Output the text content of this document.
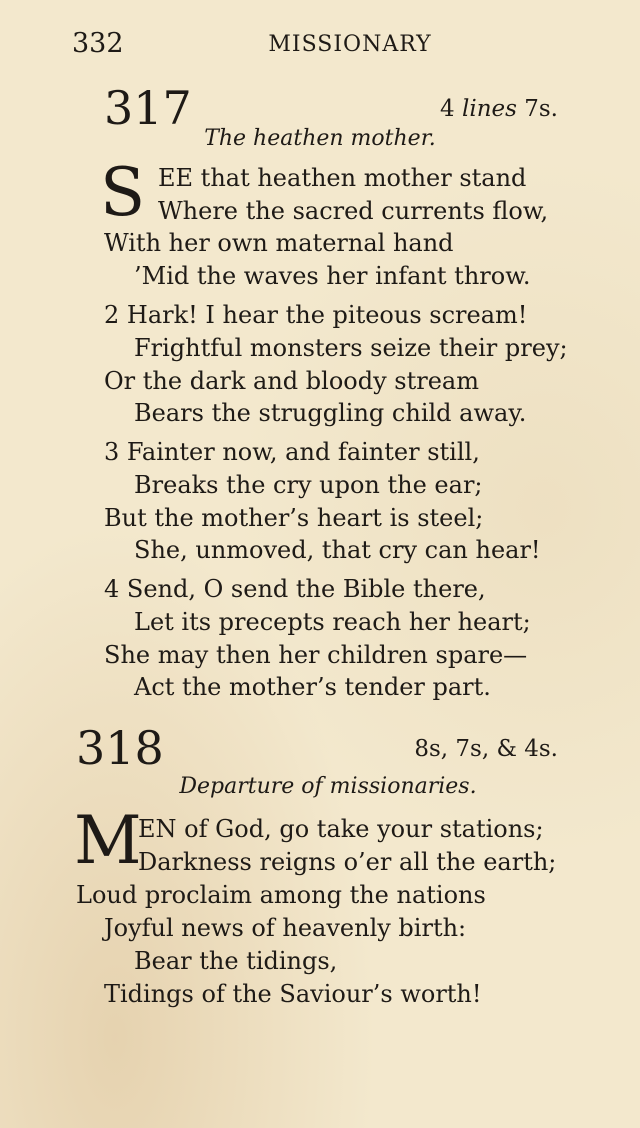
332	MISSIONARY
317	4 lines 7s.
The heathen mother.
S EE that heathen mother stand
Where the sacred currents flow,
With her own maternal hand
’Mid the waves her infant throw.
2 Hark! I hear the piteous scream!
Frightful monsters seize their prey;
Or the dark and bloody stream
Bears the struggling child away.
3 Fainter now, and fainter still,
Breaks the cry upon the ear;
But the mother’s heart is steel;
She, unmoved, that cry can hear!
4 Send, O send the Bible there,
Let its precepts reach her heart;
She may then her children spare—
Act the mother’s tender part.
318	8s, 7s, & 4s.
Departure of missionaries.
M
EN of God, go take your stations;
Darkness reigns o’er all the earth;
Loud proclaim among the nations
Joyful news of heavenly birth:
Bear the tidings,
Tidings of the Saviour’s worth!
